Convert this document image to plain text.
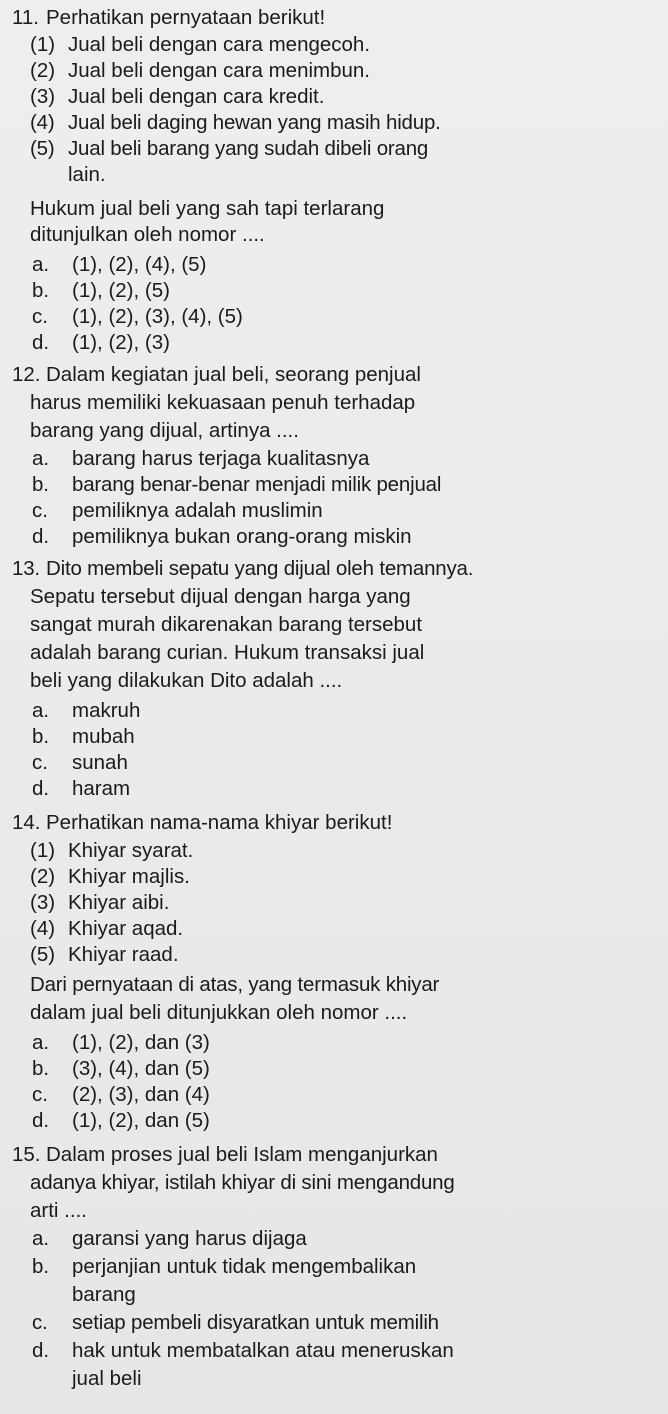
11. Perhatikan pernyataan berikut!
(1) Jual beli dengan cara mengecoh.
(2) Jual beli dengan cara menimbun.
(3) Jual beli dengan cara kredit.
(4) Jual beli daging hewan yang masih hidup.
(5) Jual beli barang yang sudah dibeli orang
lain.
Hukum jual beli yang sah tapi terlarang
ditunjulkan oleh nomor ....
a. (1), (2), (4), (5)
b. (1), (2), (5)
c. (1), (2), (3), (4), (5)
d. (1), (2), (3)
12. Dalam kegiatan jual beli, seorang penjual
harus memiliki kekuasaan penuh terhadap
barang yang dijual, artinya ....
a. barang harus terjaga kualitasnya
b. barang benar-benar menjadi milik penjual
c. pemiliknya adalah muslimin
d. pemiliknya bukan orang-orang miskin
13. Dito membeli sepatu yang dijual oleh temannya.
Sepatu tersebut dijual dengan harga yang
sangat murah dikarenakan barang tersebut
adalah barang curian. Hukum transaksi jual
beli yang dilakukan Dito adalah ....
a. makruh
b. mubah
c. sunah
d. haram
14. Perhatikan nama-nama khiyar berikut!
(1) Khiyar syarat.
(2) Khiyar majlis.
(3) Khiyar aibi.
(4) Khiyar aqad.
(5) Khiyar raad.
Dari pernyataan di atas, yang termasuk khiyar
dalam jual beli ditunjukkan oleh nomor ....
a. (1), (2), dan (3)
b. (3), (4), dan (5)
c. (2), (3), dan (4)
d. (1), (2), dan (5)
15. Dalam proses jual beli Islam menganjurkan
adanya khiyar, istilah khiyar di sini mengandung
arti ....
a. garansi yang harus dijaga
b. perjanjian untuk tidak mengembalikan
barang
c. setiap pembeli disyaratkan untuk memilih
d. hak untuk membatalkan atau meneruskan
jual beli
